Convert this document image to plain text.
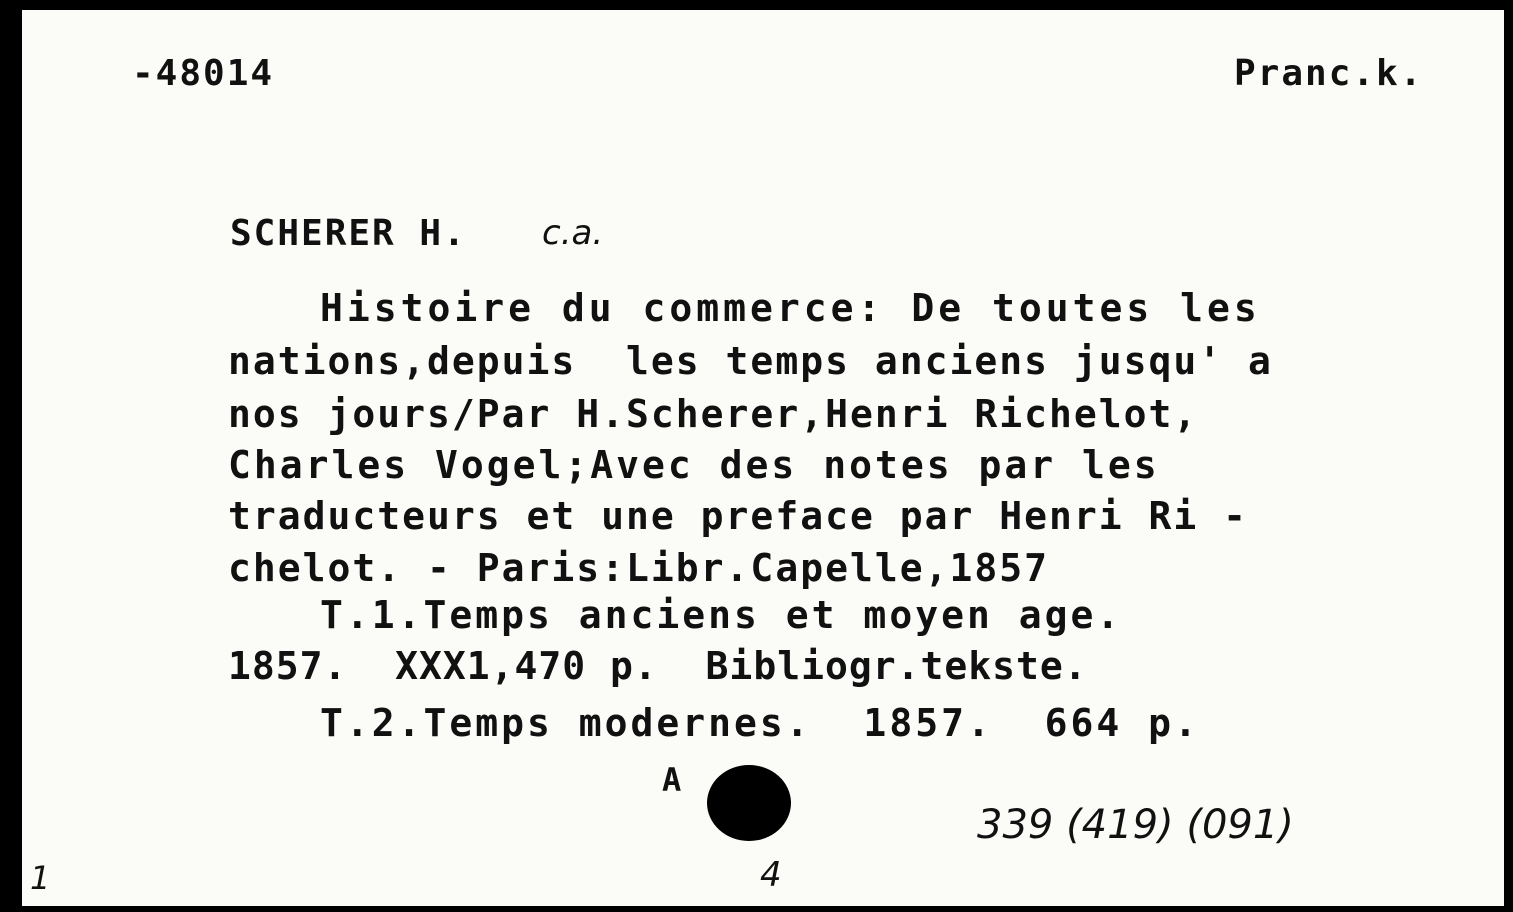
-48014	Pranc.k.
SCHERER H. c.a.
Histoire du commerce: De toutes les
nations,depuis  les temps anciens jusqu' a
nos jours/Par H.Scherer,Henri Richelot,
Charles Vogel;Avec des notes par les
traducteurs et une preface par Henri Ri -
chelot. - Paris:Libr.Capelle,1857
T.1.Temps anciens et moyen age.
1857.  XXX1,470 p.  Bibliogr.tekste.
T.2.Temps modernes.  1857.  664 p.
A
339 (419) (091)
1	4
